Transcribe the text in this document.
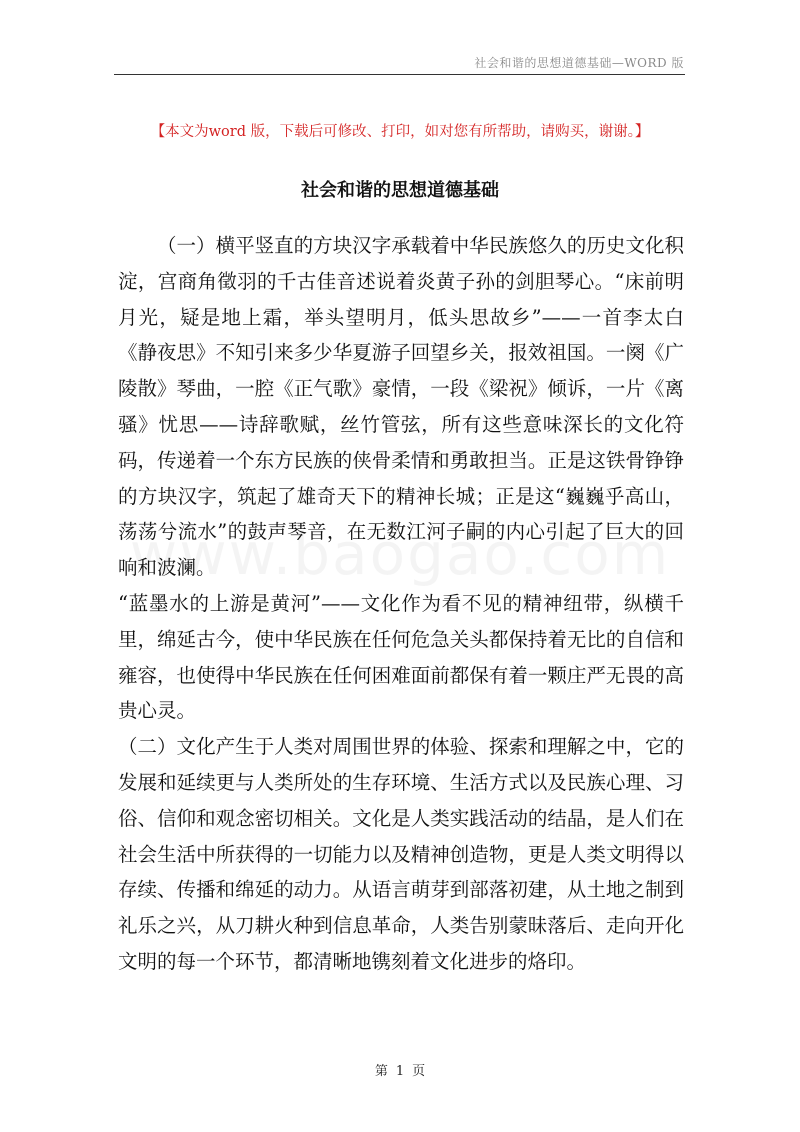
社会和谐的思想道德基础—WORD 版
【本文为word 版，下载后可修改、打印，如对您有所帮助，请购买，谢谢。】
社会和谐的思想道德基础

（一）横平竖直的方块汉字承载着中华民族悠久的历史文化积淀，宫商角徵羽的千古佳音述说着炎黄子孙的剑胆琴心。“床前明月光，疑是地上霜，举头望明月，低头思故乡”——一首李太白《静夜思》不知引来多少华夏游子回望乡关，报效祖国。一阕《广陵散》琴曲，一腔《正气歌》豪情，一段《梁祝》倾诉，一片《离骚》忧思——诗辞歌赋，丝竹管弦，所有这些意味深长的文化符码，传递着一个东方民族的侠骨柔情和勇敢担当。正是这铁骨铮铮的方块汉字，筑起了雄奇天下的精神长城；正是这“巍巍乎高山，荡荡兮流水”的鼓声琴音，在无数江河子嗣的内心引起了巨大的回响和波澜。

“蓝墨水的上游是黄河”——文化作为看不见的精神纽带，纵横千里，绵延古今，使中华民族在任何危急关头都保持着无比的自信和雍容，也使得中华民族在任何困难面前都保有着一颗庄严无畏的高贵心灵。

（二）文化产生于人类对周围世界的体验、探索和理解之中，它的发展和延续更与人类所处的生存环境、生活方式以及民族心理、习俗、信仰和观念密切相关。文化是人类实践活动的结晶，是人们在社会生活中所获得的一切能力以及精神创造物，更是人类文明得以存续、传播和绵延的动力。从语言萌芽到部落初建，从土地之制到礼乐之兴，从刀耕火种到信息革命，人类告别蒙昧落后、走向开化文明的每一个环节，都清晰地镌刻着文化进步的烙印。

第 1 页
